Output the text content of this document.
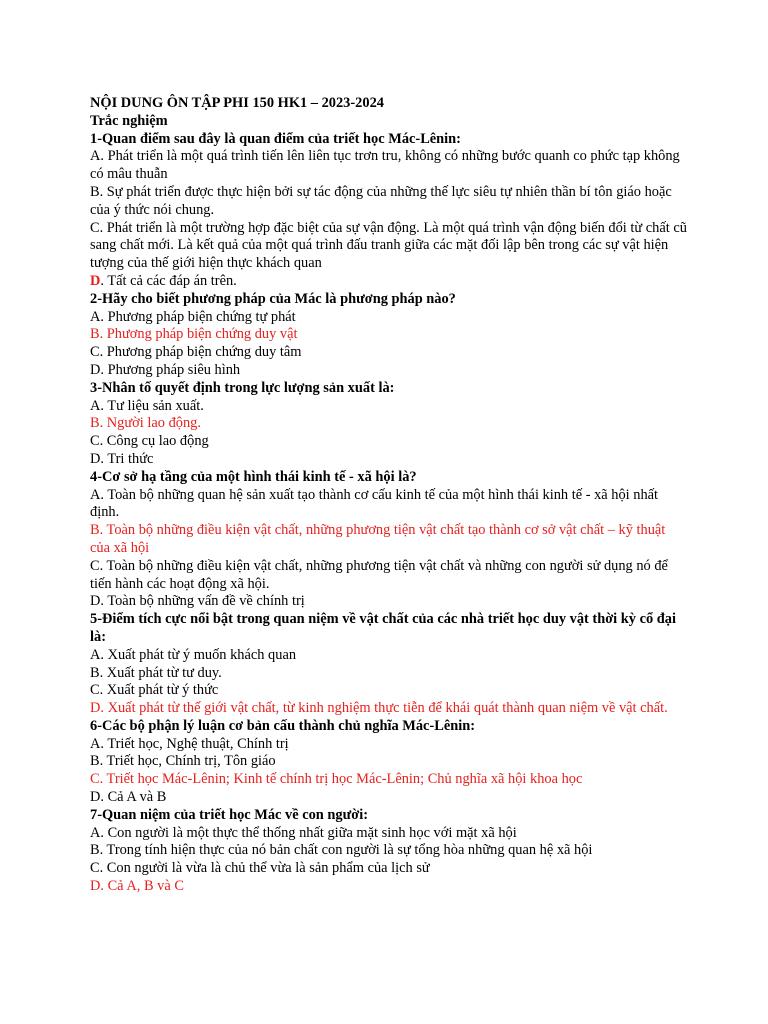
NỘI DUNG ÔN TẬP PHI 150 HK1 – 2023-2024

Trắc nghiệm

1-Quan điểm sau đây là quan điểm của triết học Mác-Lênin:

A. Phát triển là một quá trình tiến lên liên tục trơn tru, không có những bước quanh co phức tạp không có mâu thuẫn

B. Sự phát triển được thực hiện bởi sự tác động của những thế lực siêu tự nhiên thần bí tôn giáo hoặc của ý thức nói chung.

C. Phát triển là một trường hợp đặc biệt của sự vận động. Là một quá trình vận động biến đổi từ chất cũ sang chất mới. Là kết quả của một quá trình đấu tranh giữa các mặt đối lập bên trong các sự vật hiện tượng của thế giới hiện thực khách quan

D. Tất cả các đáp án trên.

2-Hãy cho biết phương pháp của Mác là phương pháp nào?

A. Phương pháp biện chứng tự phát

B. Phương pháp biện chứng duy vật

C. Phương pháp biện chứng duy tâm

D. Phương pháp siêu hình

3-Nhân tố quyết định trong lực lượng sản xuất là:

A. Tư liệu sản xuất.

B. Người lao động.

C. Công cụ lao động

D. Tri thức

4-Cơ sở hạ tầng của một hình thái kinh tế - xã hội là?

A. Toàn bộ những quan hệ sản xuất tạo thành cơ cấu kinh tế của một hình thái kinh tế - xã hội nhất định.

B. Toàn bộ những điều kiện vật chất, những phương tiện vật chất tạo thành cơ sở vật chất – kỹ thuật của xã hội

C. Toàn bộ những điều kiện vật chất, những phương tiện vật chất và những con người sử dụng nó để tiến hành các hoạt động xã hội.

D. Toàn bộ những vấn đề về chính trị

5-Điểm tích cực nổi bật trong quan niệm về vật chất của các nhà triết học duy vật thời kỳ cổ đại là:

A. Xuất phát từ ý muốn khách quan

B. Xuất phát từ tư duy.

C. Xuất phát từ ý thức

D. Xuất phát từ thế giới vật chất, từ kinh nghiệm thực tiễn để khái quát thành quan niệm về vật chất.

6-Các bộ phận lý luận cơ bản cấu thành chủ nghĩa Mác-Lênin:

A. Triết học, Nghệ thuật, Chính trị

B. Triết học, Chính trị, Tôn giáo

C. Triết học Mác-Lênin; Kinh tế chính trị học Mác-Lênin; Chủ nghĩa xã hội khoa học

D. Cả A và B

7-Quan niệm của triết học Mác về con người:

A. Con người là một thực thể thống nhất giữa mặt sinh học với mặt xã hội

B. Trong tính hiện thực của nó bản chất con người là sự tổng hòa những quan hệ xã hội

C. Con người là vừa là chủ thể vừa là sản phẩm của lịch sử

D. Cả A, B và C
